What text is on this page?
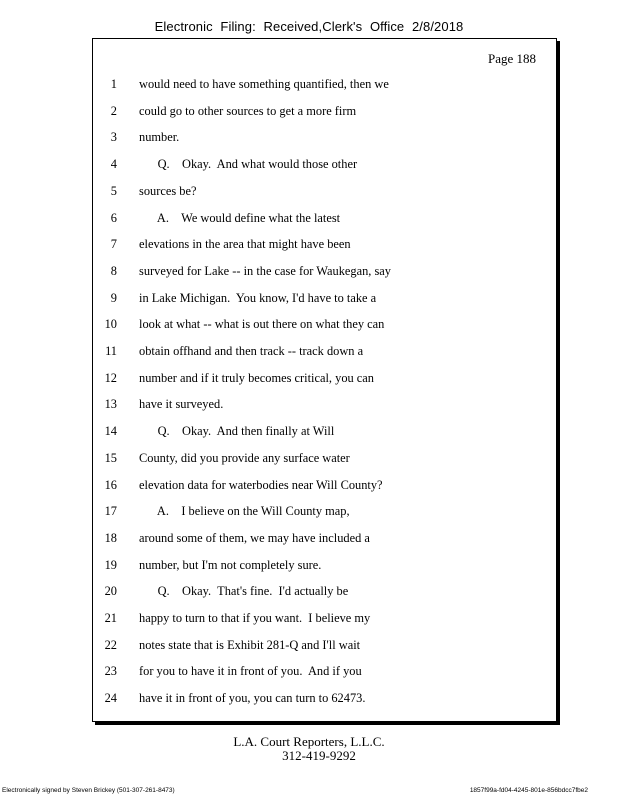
Electronic Filing: Received,Clerk's Office 2/8/2018
Page 188
1 would need to have something quantified, then we
2 could go to other sources to get a more firm
3 number.
4 Q.    Okay.  And what would those other
5 sources be?
6 A.    We would define what the latest
7 elevations in the area that might have been
8 surveyed for Lake -- in the case for Waukegan, say
9 in Lake Michigan.  You know, I'd have to take a
10 look at what -- what is out there on what they can
11 obtain offhand and then track -- track down a
12 number and if it truly becomes critical, you can
13 have it surveyed.
14 Q.    Okay.  And then finally at Will
15 County, did you provide any surface water
16 elevation data for waterbodies near Will County?
17 A.    I believe on the Will County map,
18 around some of them, we may have included a
19 number, but I'm not completely sure.
20 Q.    Okay.  That's fine.  I'd actually be
21 happy to turn to that if you want.  I believe my
22 notes state that is Exhibit 281-Q and I'll wait
23 for you to have it in front of you.  And if you
24 have it in front of you, you can turn to 62473.
L.A. Court Reporters, L.L.C.
312-419-9292
Electronically signed by Steven Brickey (501-307-261-8473)	1857f99a-fd04-4245-801e-856bdcc7fbe2
